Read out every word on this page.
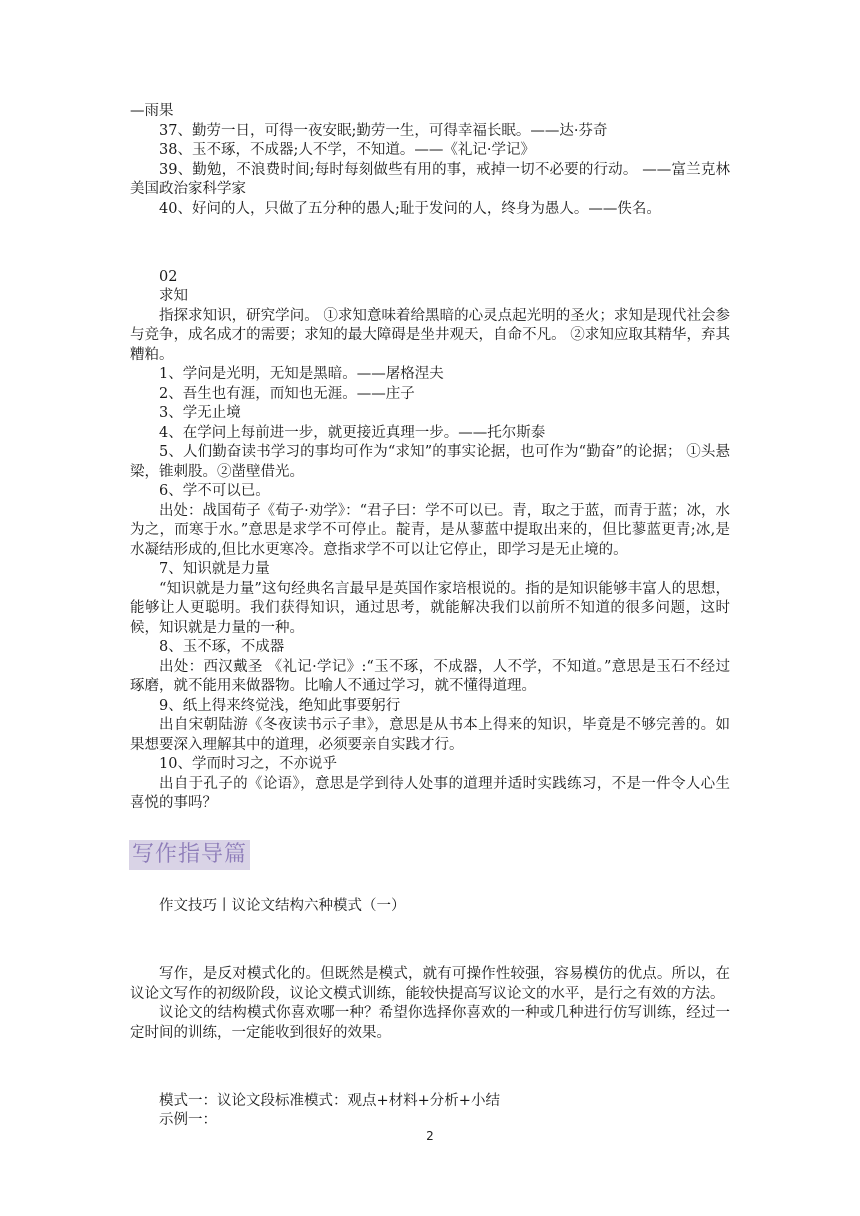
—雨果

37、勤劳一日，可得一夜安眠;勤劳一生，可得幸福长眠。——达·芬奇

38、玉不琢，不成器;人不学，不知道。——《礼记·学记》

39、勤勉，不浪费时间;每时每刻做些有用的事，戒掉一切不必要的行动。 ——富兰克林美国政治家科学家

40、好问的人，只做了五分种的愚人;耻于发问的人，终身为愚人。——佚名。

02

求知

指探求知识，研究学问。 ①求知意味着给黑暗的心灵点起光明的圣火；求知是现代社会参与竞争，成名成才的需要；求知的最大障碍是坐井观天，自命不凡。 ②求知应取其精华，弃其糟粕。

1、学问是光明，无知是黑暗。——屠格涅夫

2、吾生也有涯，而知也无涯。——庄子

3、学无止境

4、在学问上每前进一步，就更接近真理一步。——托尔斯泰

5、人们勤奋读书学习的事均可作为“求知”的事实论据，也可作为“勤奋”的论据； ①头悬梁，锥刺股。②凿壁借光。

6、学不可以已。

出处：战国荀子《荀子·劝学》：“君子曰：学不可以已。青，取之于蓝，而青于蓝；冰，水为之，而寒于水。”意思是求学不可停止。靛青，是从蓼蓝中提取出来的，但比蓼蓝更青;冰,是水凝结形成的,但比水更寒冷。意指求学不可以让它停止，即学习是无止境的。

7、知识就是力量

“知识就是力量”这句经典名言最早是英国作家培根说的。指的是知识能够丰富人的思想，能够让人更聪明。我们获得知识，通过思考，就能解决我们以前所不知道的很多问题，这时候，知识就是力量的一种。

8、玉不琢，不成器

出处：西汉戴圣 《礼记·学记》:“玉不琢，不成器，人不学，不知道。”意思是玉石不经过琢磨，就不能用来做器物。比喻人不通过学习，就不懂得道理。

9、纸上得来终觉浅，绝知此事要躬行

出自宋朝陆游《冬夜读书示子聿》，意思是从书本上得来的知识，毕竟是不够完善的。如果想要深入理解其中的道理，必须要亲自实践才行。

10、学而时习之，不亦说乎

出自于孔子的《论语》，意思是学到待人处事的道理并适时实践练习，不是一件令人心生喜悦的事吗？

写作指导篇

作文技巧丨议论文结构六种模式（一）

写作，是反对模式化的。但既然是模式，就有可操作性较强，容易模仿的优点。所以，在议论文写作的初级阶段，议论文模式训练，能较快提高写议论文的水平，是行之有效的方法。

议论文的结构模式你喜欢哪一种？希望你选择你喜欢的一种或几种进行仿写训练，经过一定时间的训练，一定能收到很好的效果。

模式一：议论文段标准模式：观点+材料+分析+小结

示例一：

2
